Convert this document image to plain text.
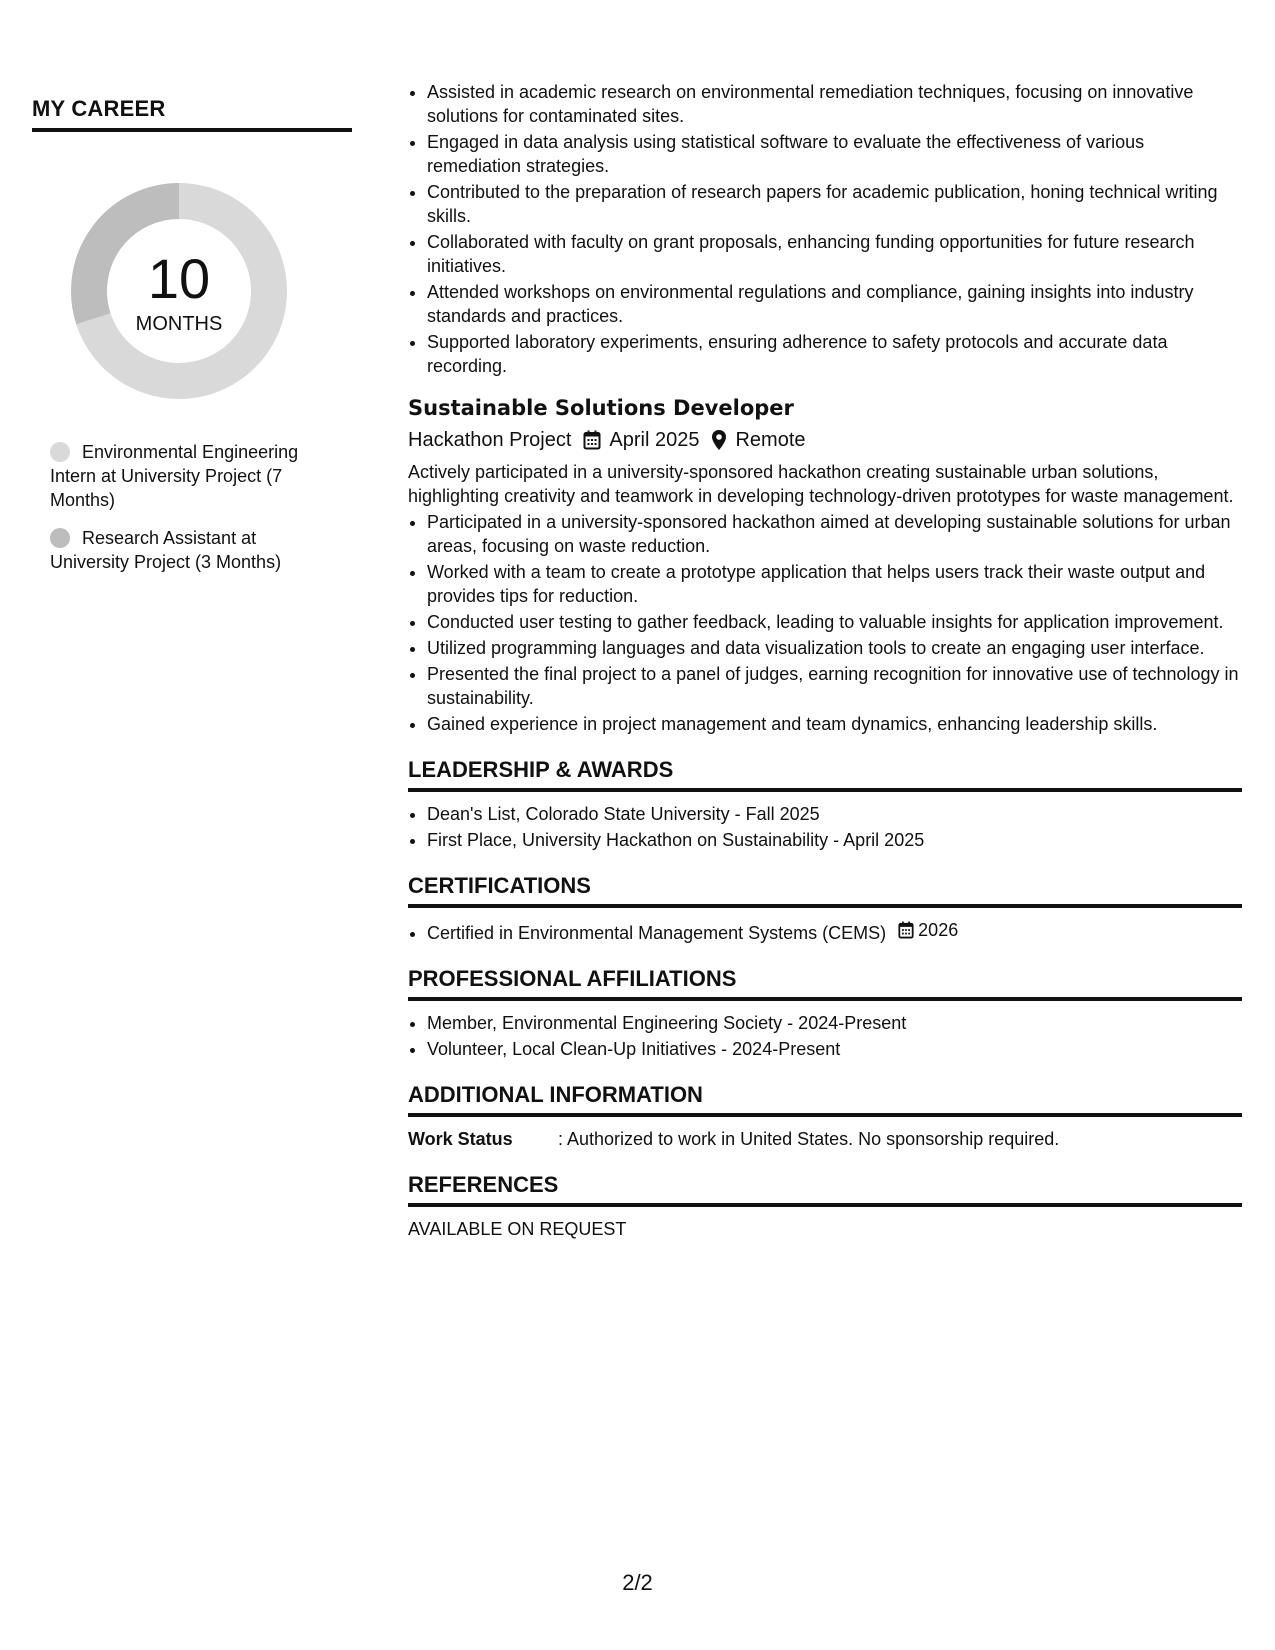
MY CAREER
10
MONTHS
Environmental Engineering Intern at University Project (7 Months)
Research Assistant at University Project (3 Months)
• Assisted in academic research on environmental remediation techniques, focusing on innovative solutions for contaminated sites.
• Engaged in data analysis using statistical software to evaluate the effectiveness of various remediation strategies.
• Contributed to the preparation of research papers for academic publication, honing technical writing skills.
• Collaborated with faculty on grant proposals, enhancing funding opportunities for future research initiatives.
• Attended workshops on environmental regulations and compliance, gaining insights into industry standards and practices.
• Supported laboratory experiments, ensuring adherence to safety protocols and accurate data recording.
Sustainable Solutions Developer
Hackathon Project April 2025 Remote

Actively participated in a university-sponsored hackathon creating sustainable urban solutions, highlighting creativity and teamwork in developing technology-driven prototypes for waste management.

• Participated in a university-sponsored hackathon aimed at developing sustainable solutions for urban areas, focusing on waste reduction.
• Worked with a team to create a prototype application that helps users track their waste output and provides tips for reduction.
• Conducted user testing to gather feedback, leading to valuable insights for application improvement.
• Utilized programming languages and data visualization tools to create an engaging user interface.
• Presented the final project to a panel of judges, earning recognition for innovative use of technology in sustainability.
• Gained experience in project management and team dynamics, enhancing leadership skills.
LEADERSHIP & AWARDS
• Dean's List, Colorado State University - Fall 2025
• First Place, University Hackathon on Sustainability - April 2025
CERTIFICATIONS
• Certified in Environmental Management Systems (CEMS) 2026
PROFESSIONAL AFFILIATIONS
• Member, Environmental Engineering Society - 2024-Present
• Volunteer, Local Clean-Up Initiatives - 2024-Present
ADDITIONAL INFORMATION
Work Status	: Authorized to work in United States. No sponsorship required.
REFERENCES
AVAILABLE ON REQUEST
2/2
